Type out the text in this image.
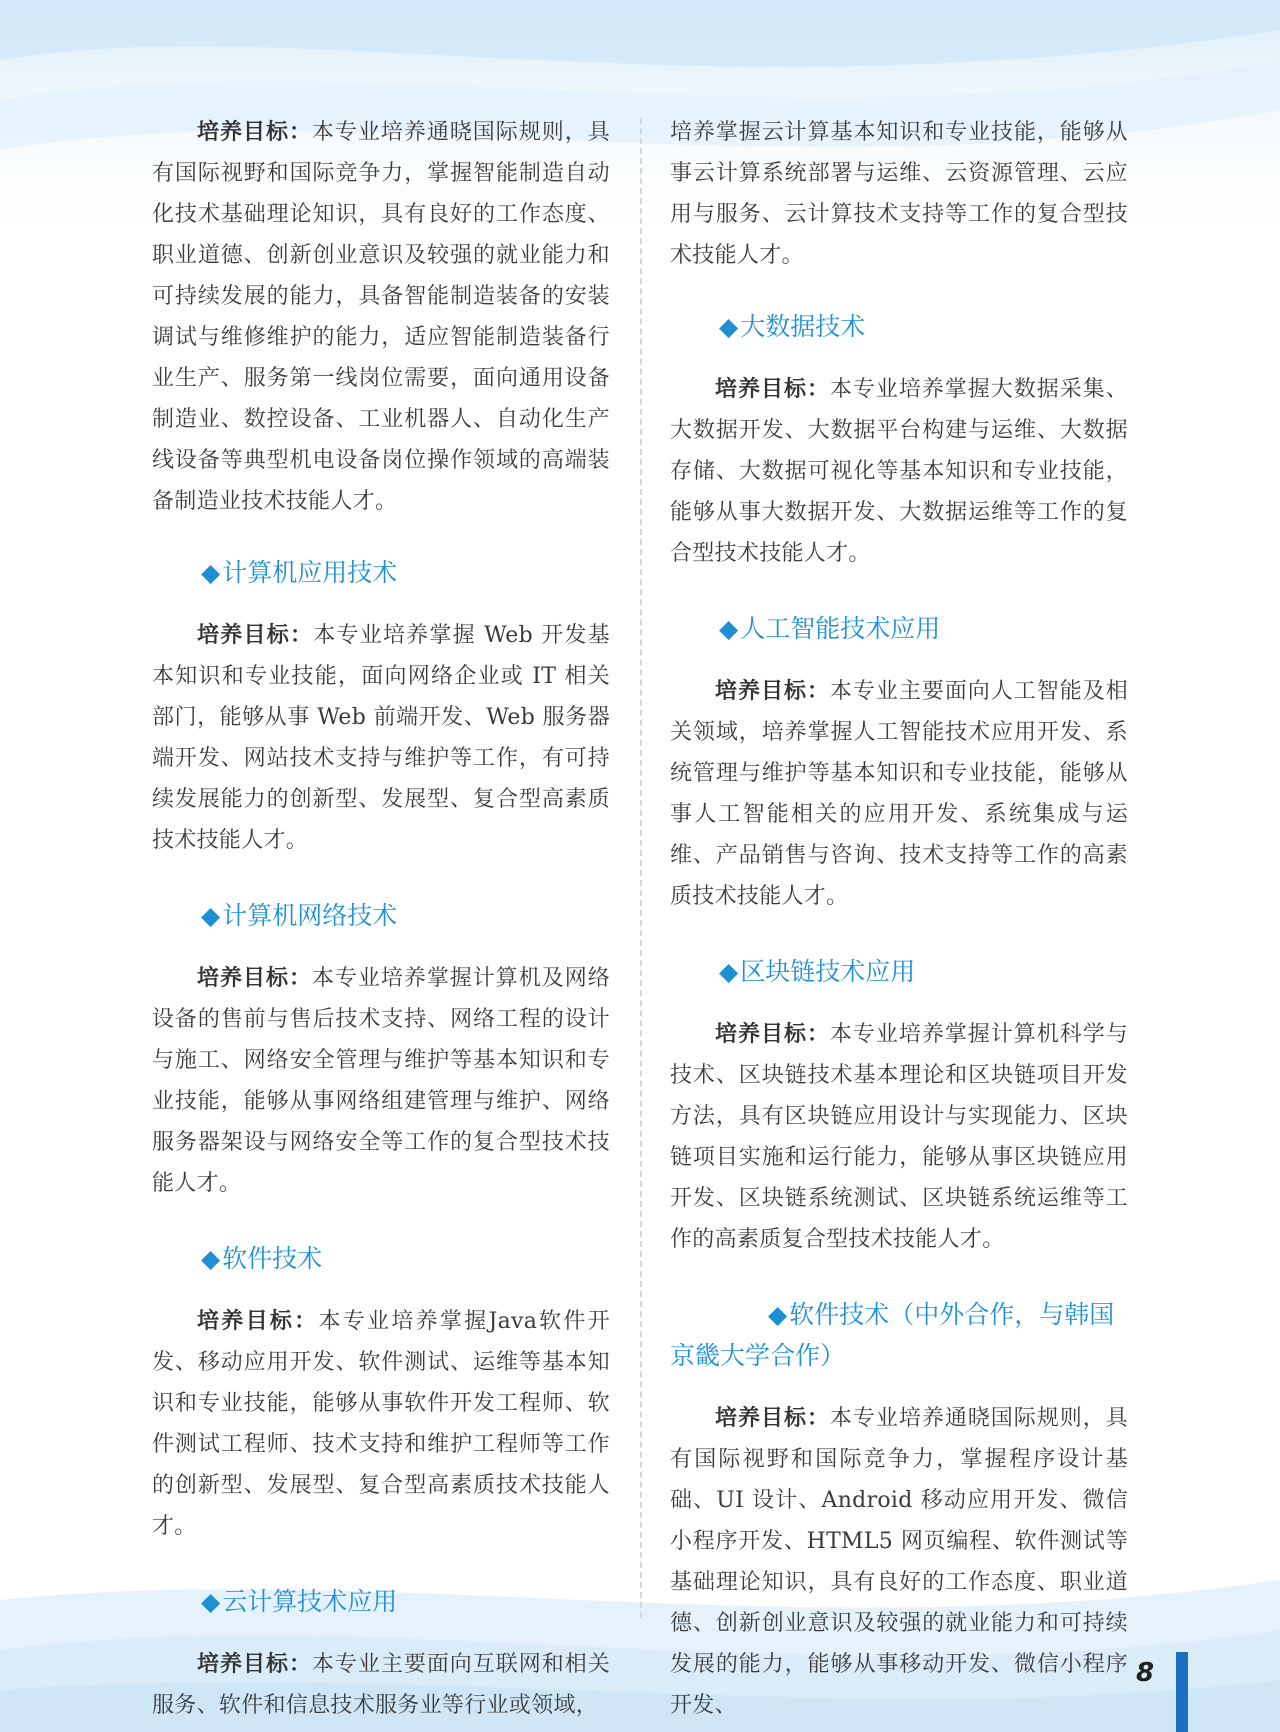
培养目标：本专业培养通晓国际规则，具有国际视野和国际竞争力，掌握智能制造自动化技术基础理论知识，具有良好的工作态度、职业道德、创新创业意识及较强的就业能力和可持续发展的能力，具备智能制造装备的安装调试与维修维护的能力，适应智能制造装备行业生产、服务第一线岗位需要，面向通用设备制造业、数控设备、工业机器人、自动化生产线设备等典型机电设备岗位操作领域的高端装备制造业技术技能人才。

◆计算机应用技术

培养目标：本专业培养掌握 Web 开发基本知识和专业技能，面向网络企业或 IT 相关部门，能够从事 Web 前端开发、Web 服务器端开发、网站技术支持与维护等工作，有可持续发展能力的创新型、发展型、复合型高素质技术技能人才。

◆计算机网络技术

培养目标：本专业培养掌握计算机及网络设备的售前与售后技术支持、网络工程的设计与施工、网络安全管理与维护等基本知识和专业技能，能够从事网络组建管理与维护、网络服务器架设与网络安全等工作的复合型技术技能人才。

◆软件技术

培养目标：本专业培养掌握Java软件开发、移动应用开发、软件测试、运维等基本知识和专业技能，能够从事软件开发工程师、软件测试工程师、技术支持和维护工程师等工作的创新型、发展型、复合型高素质技术技能人才。

◆云计算技术应用

培养目标：本专业主要面向互联网和相关服务、软件和信息技术服务业等行业或领域，

培养掌握云计算基本知识和专业技能，能够从事云计算系统部署与运维、云资源管理、云应用与服务、云计算技术支持等工作的复合型技术技能人才。

◆大数据技术

培养目标：本专业培养掌握大数据采集、大数据开发、大数据平台构建与运维、大数据存储、大数据可视化等基本知识和专业技能，能够从事大数据开发、大数据运维等工作的复合型技术技能人才。

◆人工智能技术应用

培养目标：本专业主要面向人工智能及相关领域，培养掌握人工智能技术应用开发、系统管理与维护等基本知识和专业技能，能够从事人工智能相关的应用开发、系统集成与运维、产品销售与咨询、技术支持等工作的高素质技术技能人才。

◆区块链技术应用

培养目标：本专业培养掌握计算机科学与技术、区块链技术基本理论和区块链项目开发方法，具有区块链应用设计与实现能力、区块链项目实施和运行能力，能够从事区块链应用开发、区块链系统测试、区块链系统运维等工作的高素质复合型技术技能人才。

◆软件技术（中外合作，与韩国京畿大学合作）

培养目标：本专业培养通晓国际规则，具有国际视野和国际竞争力，掌握程序设计基础、UI 设计、Android 移动应用开发、微信小程序开发、HTML5 网页编程、软件测试等基础理论知识，具有良好的工作态度、职业道德、创新创业意识及较强的就业能力和可持续发展的能力，能够从事移动开发、微信小程序开发、

8
